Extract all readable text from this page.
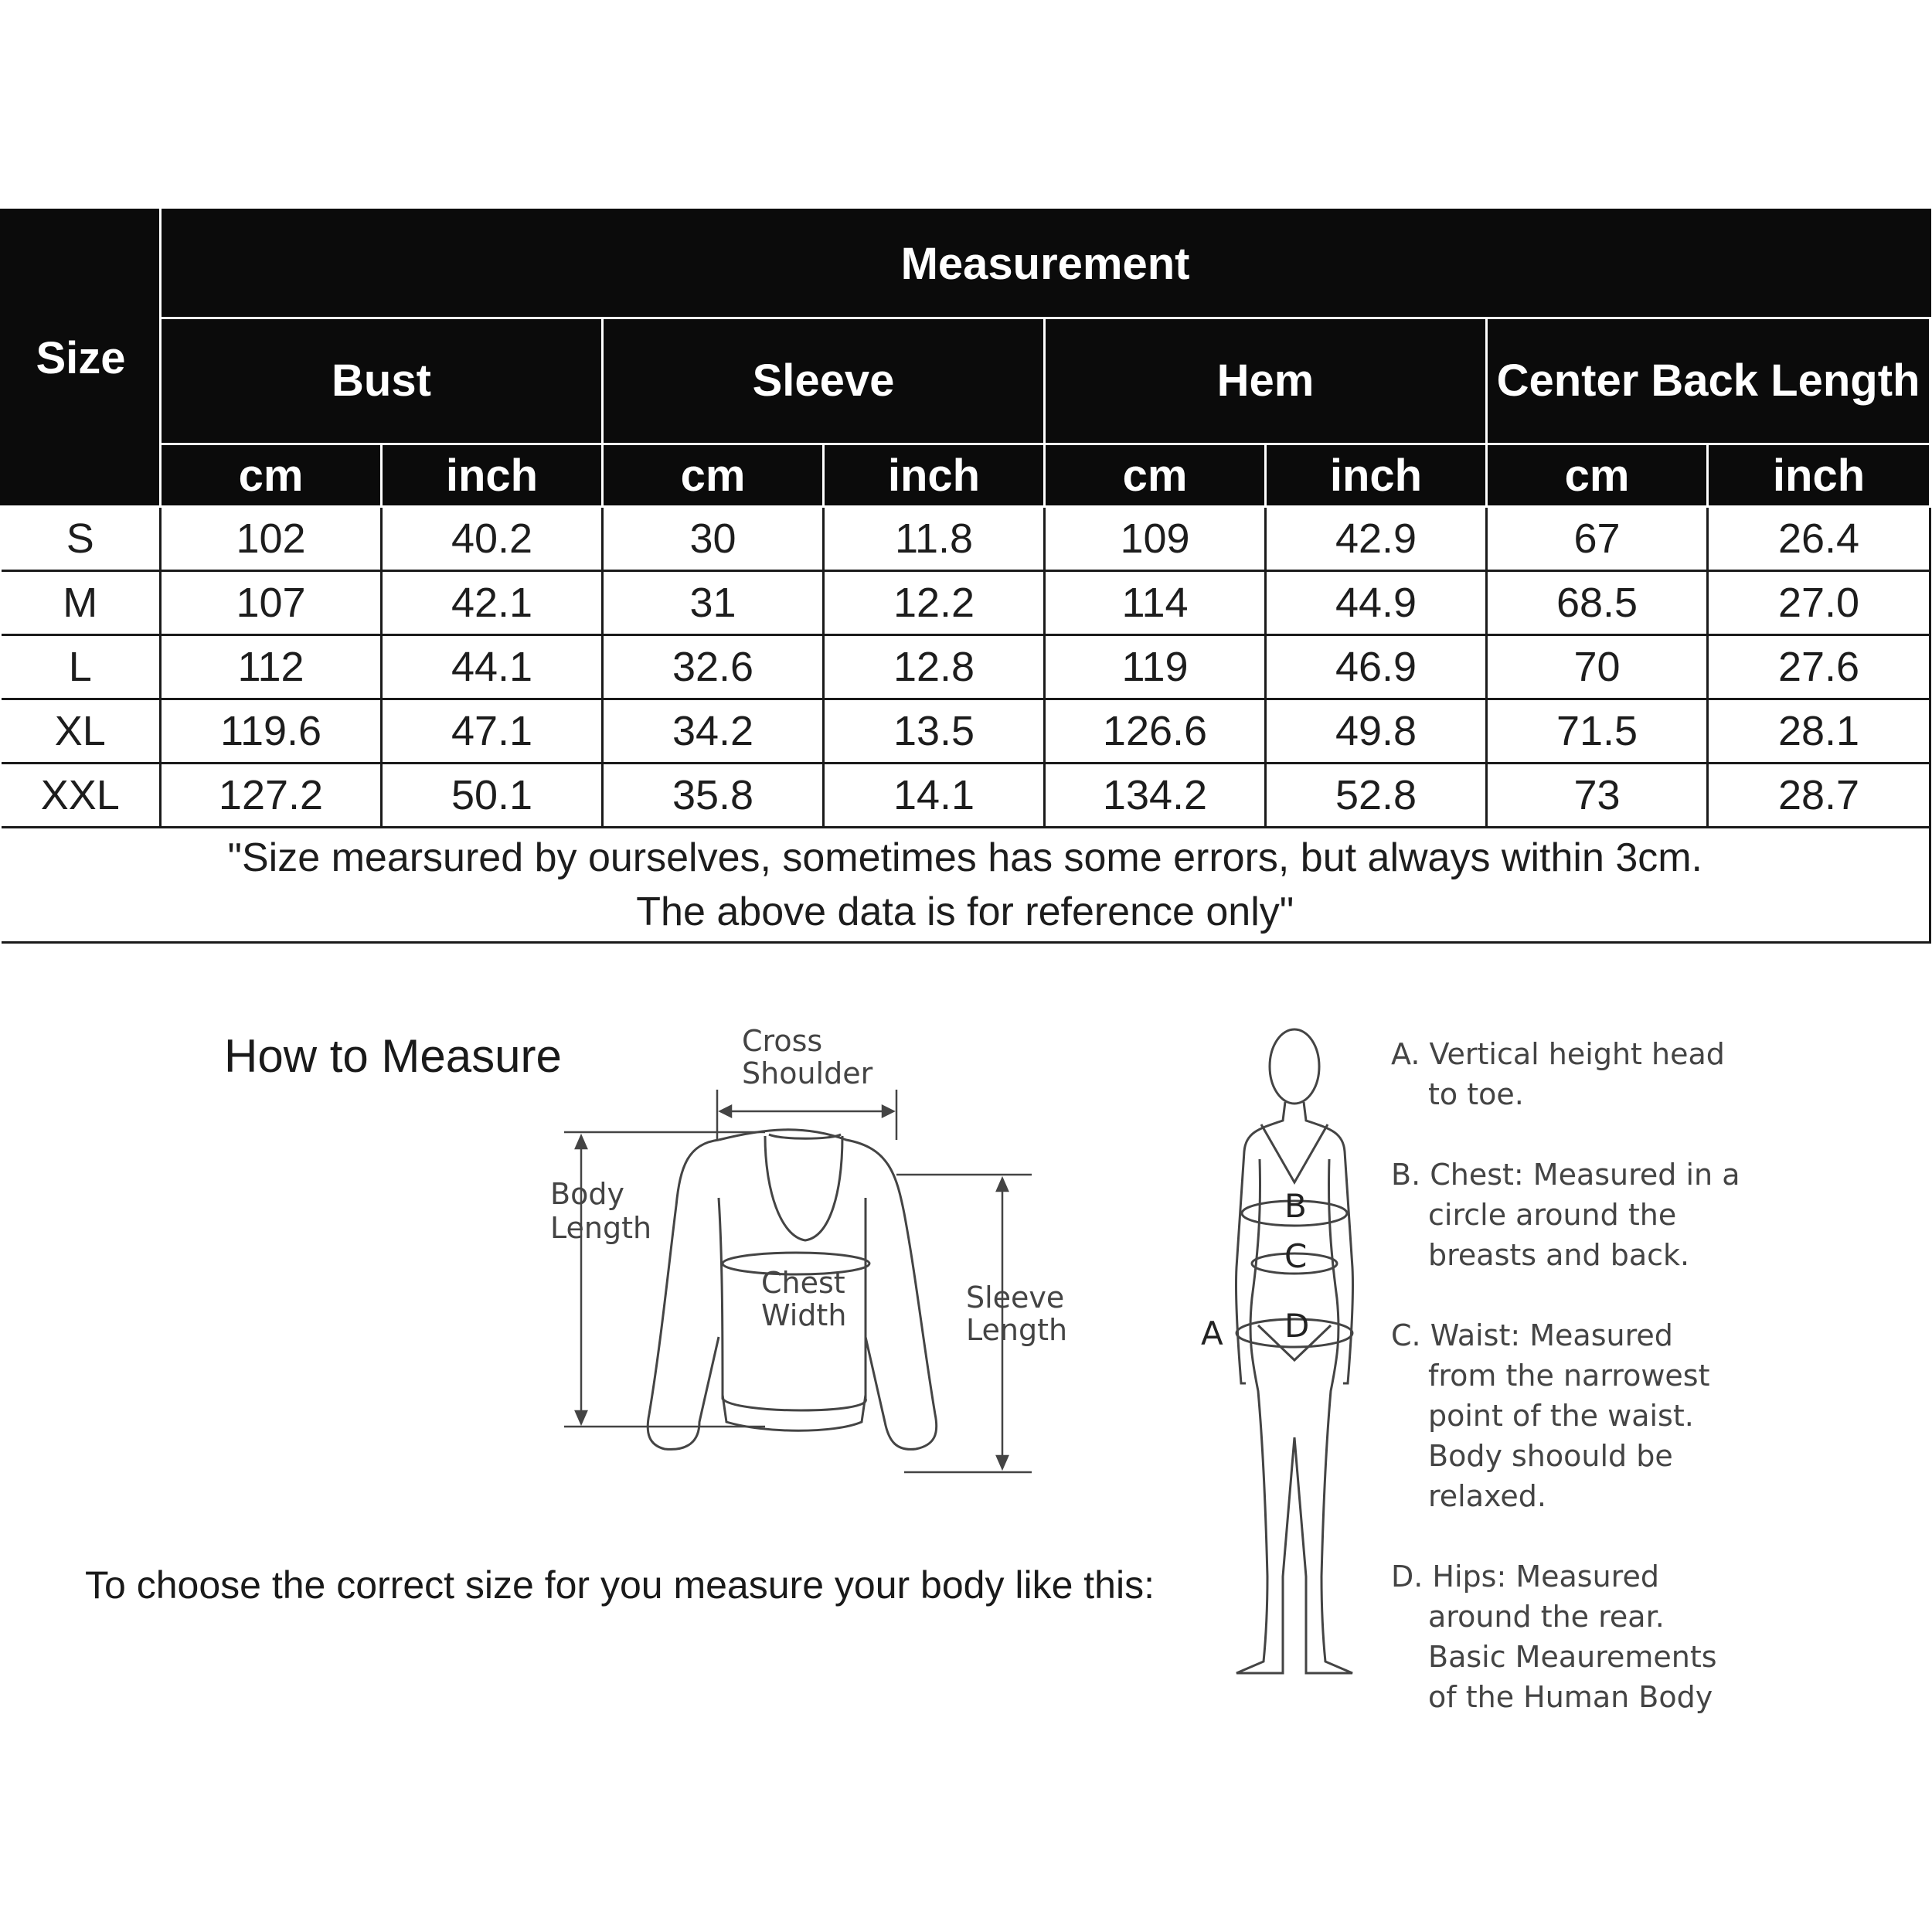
Size	Measurement							
	Bust		Sleeve		Hem		Center Back Length	
	cm	inch	cm	inch	cm	inch	cm	inch
S	102	40.2	30	11.8	109	42.9	67	26.4
M	107	42.1	31	12.2	114	44.9	68.5	27.0
L	112	44.1	32.6	12.8	119	46.9	70	27.6
XL	119.6	47.1	34.2	13.5	126.6	49.8	71.5	28.1
XXL	127.2	50.1	35.8	14.1	134.2	52.8	73	28.7

"Size mearsured by ourselves, sometimes has some errors, but always within 3cm.
The above data is for reference only"								
How to Measure	Cross
Shoulder
Body
Length
Chest
Width
Sleeve
Length	A
B
C
D
A. Vertical height head
to toe.
B. Chest: Measured in a
circle around the
breasts and back.
C. Waist: Measured
from the narrowest
point of the waist.
Body shoould be
relaxed.
D. Hips: Measured
around the rear.
Basic Meaurements
of the Human Body
To choose the correct size for you measure your body like this:
